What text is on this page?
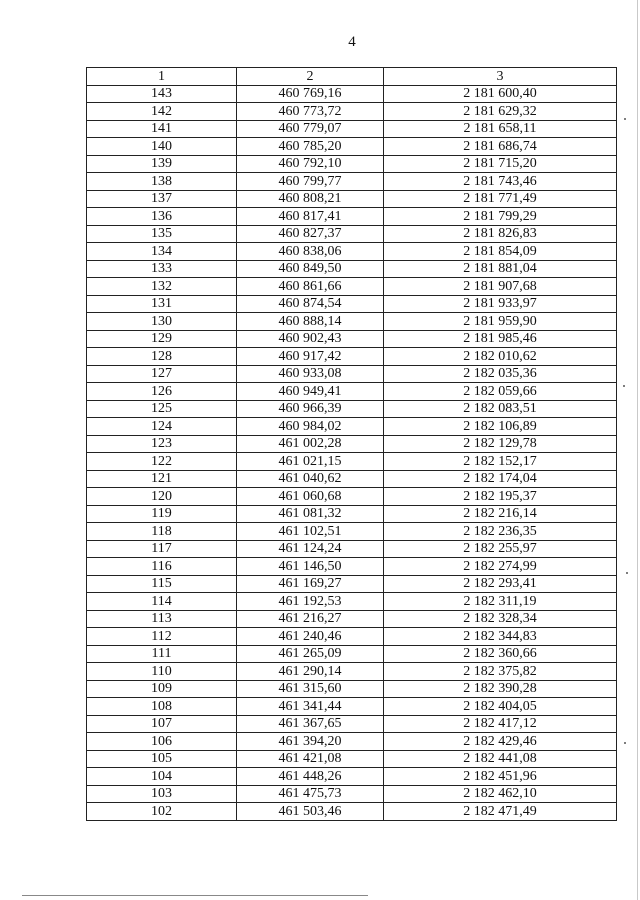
4
1	2	3
143	460 769,16	2 181 600,40
142	460 773,72	2 181 629,32
141	460 779,07	2 181 658,11
140	460 785,20	2 181 686,74
139	460 792,10	2 181 715,20
138	460 799,77	2 181 743,46
137	460 808,21	2 181 771,49
136	460 817,41	2 181 799,29
135	460 827,37	2 181 826,83
134	460 838,06	2 181 854,09
133	460 849,50	2 181 881,04
132	460 861,66	2 181 907,68
131	460 874,54	2 181 933,97
130	460 888,14	2 181 959,90
129	460 902,43	2 181 985,46
128	460 917,42	2 182 010,62
127	460 933,08	2 182 035,36
126	460 949,41	2 182 059,66
125	460 966,39	2 182 083,51
124	460 984,02	2 182 106,89
123	461 002,28	2 182 129,78
122	461 021,15	2 182 152,17
121	461 040,62	2 182 174,04
120	461 060,68	2 182 195,37
119	461 081,32	2 182 216,14
118	461 102,51	2 182 236,35
117	461 124,24	2 182 255,97
116	461 146,50	2 182 274,99
115	461 169,27	2 182 293,41
114	461 192,53	2 182 311,19
113	461 216,27	2 182 328,34
112	461 240,46	2 182 344,83
111	461 265,09	2 182 360,66
110	461 290,14	2 182 375,82
109	461 315,60	2 182 390,28
108	461 341,44	2 182 404,05
107	461 367,65	2 182 417,12
106	461 394,20	2 182 429,46
105	461 421,08	2 182 441,08
104	461 448,26	2 182 451,96
103	461 475,73	2 182 462,10
102	461 503,46	2 182 471,49
